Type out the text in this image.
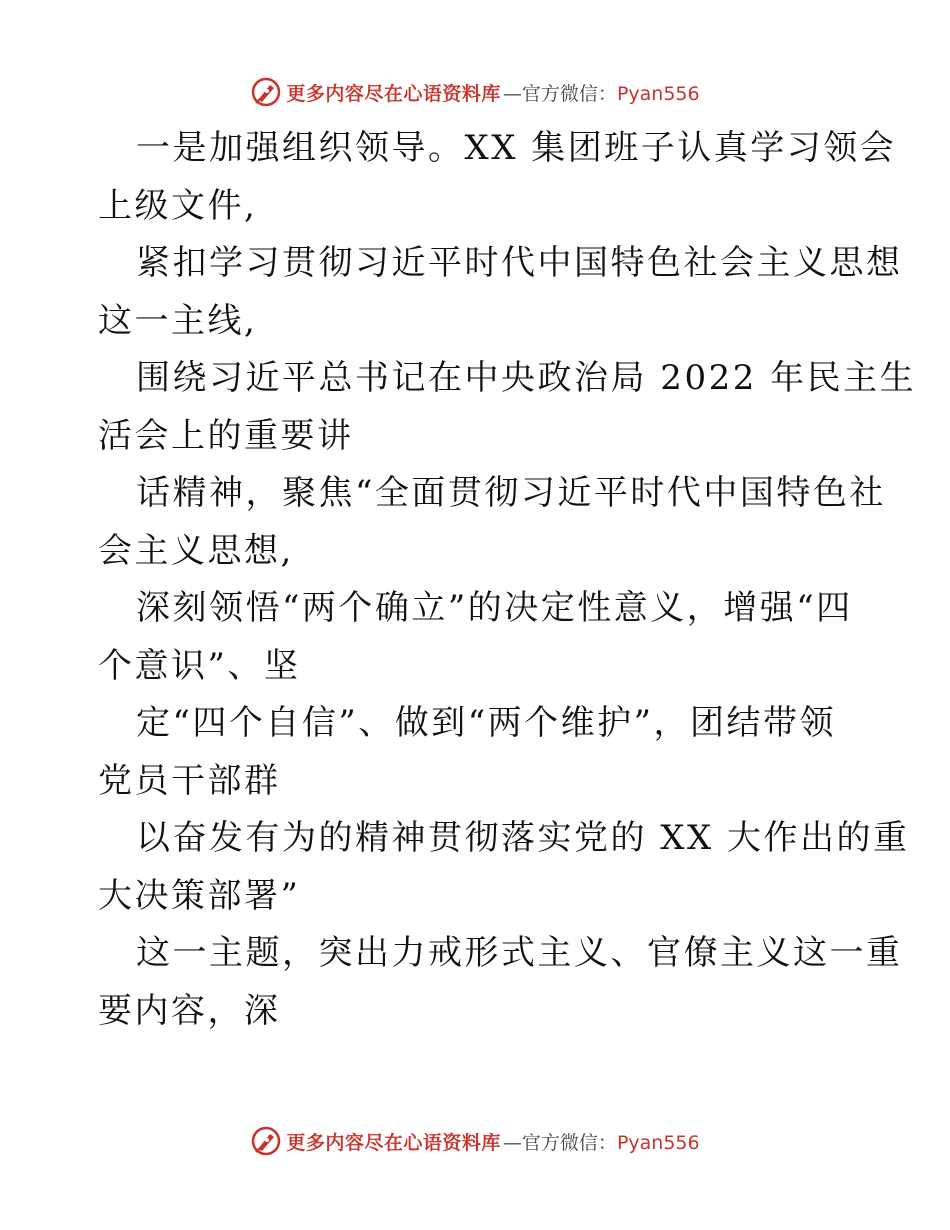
更多内容尽在心语资料库 —官方微信：Pyan556
一是加强组织领导。XX 集团班子认真学习领会
上级文件,
紧扣学习贯彻习近平时代中国特色社会主义思想
这一主线,
围绕习近平总书记在中央政治局 2022 年民主生
活会上的重要讲
话精神，聚焦“全面贯彻习近平时代中国特色社
会主义思想,
深刻领悟“两个确立”的决定性意义，增强“四
个意识”、坚
定“四个自信”、做到“两个维护”，团结带领
党员干部群
以奋发有为的精神贯彻落实党的 XX 大作出的重
大决策部署”
这一主题，突出力戒形式主义、官僚主义这一重
要内容，深
更多内容尽在心语资料库 —官方微信：Pyan556
